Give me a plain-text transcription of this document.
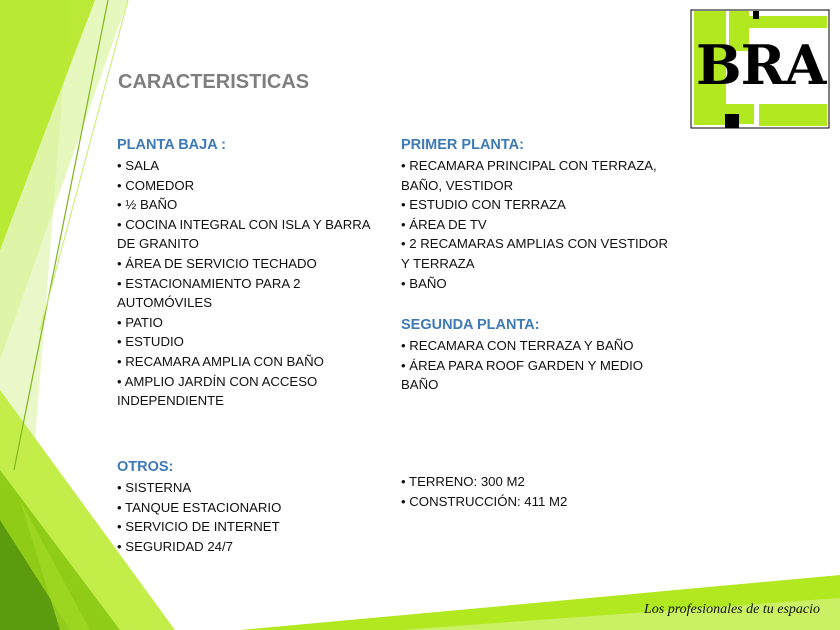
CARACTERISTICAS	BRA
PLANTA BAJA :
• SALA
• COMEDOR
• ½ BAÑO
• COCINA INTEGRAL CON ISLA Y BARRA DE GRANITO
• ÁREA DE SERVICIO TECHADO
• ESTACIONAMIENTO PARA 2 AUTOMÓVILES
• PATIO
• ESTUDIO
• RECAMARA AMPLIA CON BAÑO
• AMPLIO JARDÍN CON ACCESO INDEPENDIENTE
PRIMER PLANTA:
• RECAMARA PRINCIPAL CON TERRAZA, BAÑO, VESTIDOR
• ESTUDIO CON TERRAZA
• ÁREA DE TV
• 2 RECAMARAS AMPLIAS CON VESTIDOR Y TERRAZA
• BAÑO
SEGUNDA PLANTA:
• RECAMARA CON TERRAZA Y BAÑO
• ÁREA PARA ROOF GARDEN Y MEDIO BAÑO
OTROS:
• SISTERNA
• TANQUE ESTACIONARIO
• SERVICIO DE INTERNET
• SEGURIDAD 24/7
• TERRENO: 300 M2
• CONSTRUCCIÓN: 411 M2
Los profesionales de tu espacio
